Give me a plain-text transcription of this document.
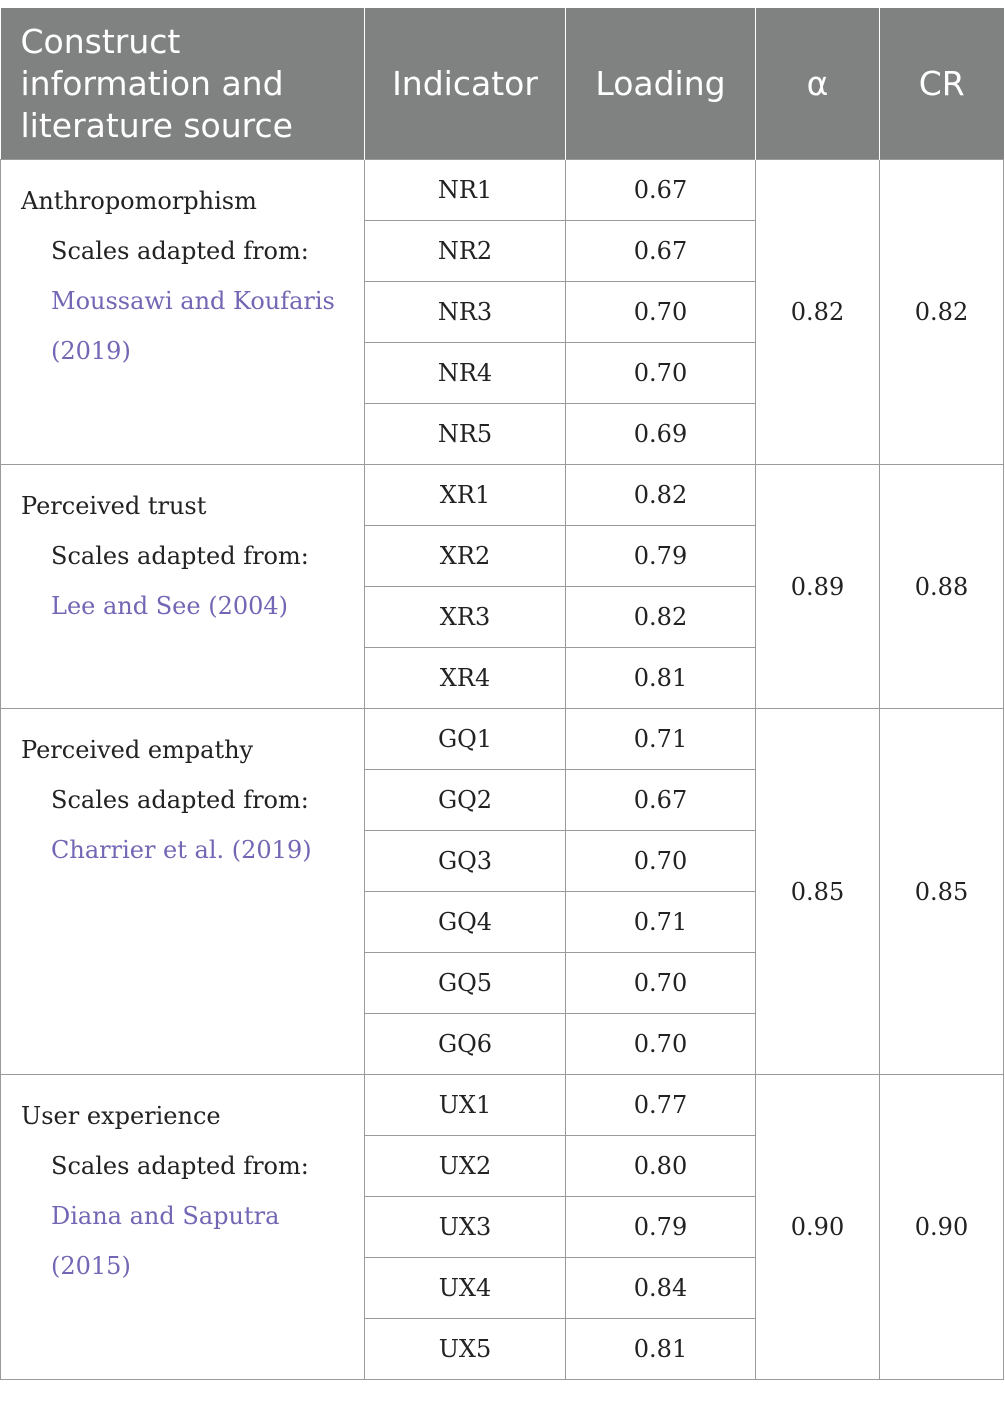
Construct
information and
literature source	Indicator	Loading	α	CR
Anthropomorphism
Scales adapted from:
Moussawi and Koufaris
(2019)	NR1	0.67	0.82	0.82
	NR2	0.67		
	NR3	0.70		
	NR4	0.70		
	NR5	0.69		
Perceived trust
Scales adapted from:
Lee and See (2004)	XR1	0.82	0.89	0.88
	XR2	0.79		
	XR3	0.82		
	XR4	0.81		
Perceived empathy
Scales adapted from:
Charrier et al. (2019)	GQ1	0.71	0.85	0.85
	GQ2	0.67		
	GQ3	0.70		
	GQ4	0.71		
	GQ5	0.70		
	GQ6	0.70		
User experience
Scales adapted from:
Diana and Saputra
(2015)	UX1	0.77	0.90	0.90
	UX2	0.80		
	UX3	0.79		
	UX4	0.84		
	UX5	0.81		
